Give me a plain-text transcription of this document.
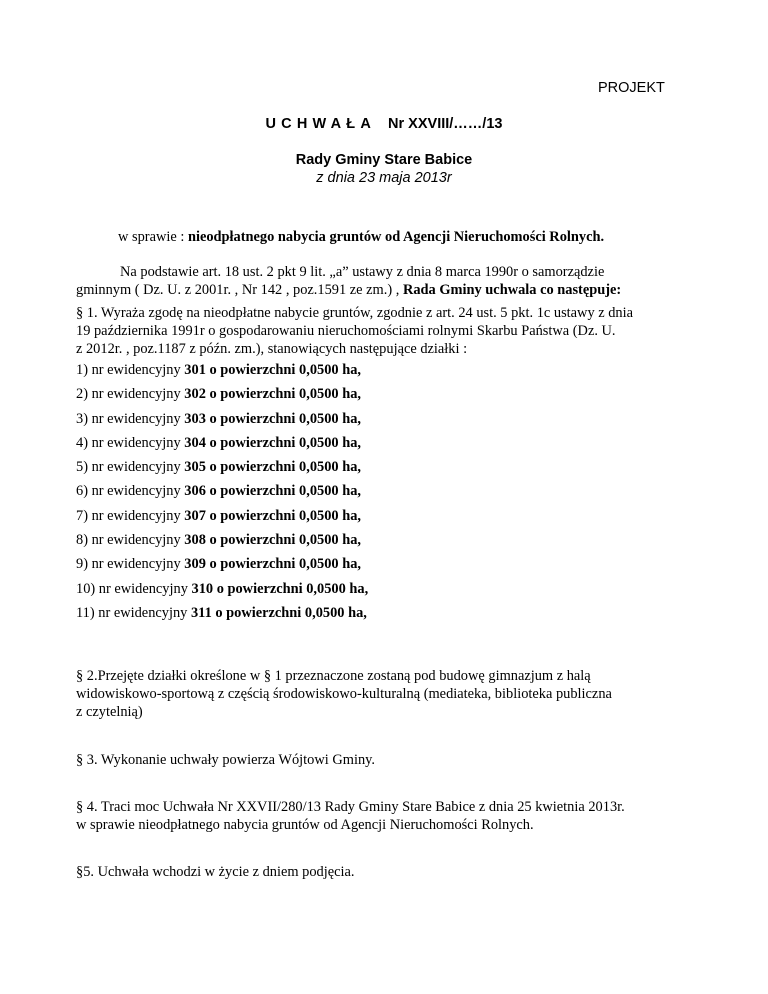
PROJEKT
UCHWAŁA Nr XXVIII/……/13
Rady Gminy Stare Babice
z dnia 23 maja 2013r
w sprawie : nieodpłatnego nabycia gruntów od Agencji Nieruchomości Rolnych.
Na podstawie art. 18 ust. 2 pkt 9 lit. „a” ustawy z dnia 8 marca 1990r o samorządzie
gminnym ( Dz. U. z 2001r. , Nr 142 , poz.1591 ze zm.) , Rada Gminy uchwala co następuje:
§ 1. Wyraża zgodę na nieodpłatne nabycie gruntów, zgodnie z art. 24 ust. 5 pkt. 1c ustawy z dnia
19 października 1991r o gospodarowaniu nieruchomościami rolnymi Skarbu Państwa (Dz. U.
z 2012r. , poz.1187 z późn. zm.), stanowiących następujące działki :
1) nr ewidencyjny 301 o powierzchni 0,0500 ha,
2) nr ewidencyjny 302 o powierzchni 0,0500 ha,
3) nr ewidencyjny 303 o powierzchni 0,0500 ha,
4) nr ewidencyjny 304 o powierzchni 0,0500 ha,
5) nr ewidencyjny 305 o powierzchni 0,0500 ha,
6) nr ewidencyjny 306 o powierzchni 0,0500 ha,
7) nr ewidencyjny 307 o powierzchni 0,0500 ha,
8) nr ewidencyjny 308 o powierzchni 0,0500 ha,
9) nr ewidencyjny 309 o powierzchni 0,0500 ha,
10) nr ewidencyjny 310 o powierzchni 0,0500 ha,
11) nr ewidencyjny 311 o powierzchni 0,0500 ha,
§ 2.Przejęte działki określone w § 1 przeznaczone zostaną pod budowę gimnazjum z halą
widowiskowo-sportową z częścią środowiskowo-kulturalną (mediateka, biblioteka publiczna
z czytelnią)
§ 3. Wykonanie uchwały powierza Wójtowi Gminy.
§ 4. Traci moc Uchwała Nr XXVII/280/13 Rady Gminy Stare Babice z dnia 25 kwietnia 2013r.
w sprawie nieodpłatnego nabycia gruntów od Agencji Nieruchomości Rolnych.
§5. Uchwała wchodzi w życie z dniem podjęcia.
